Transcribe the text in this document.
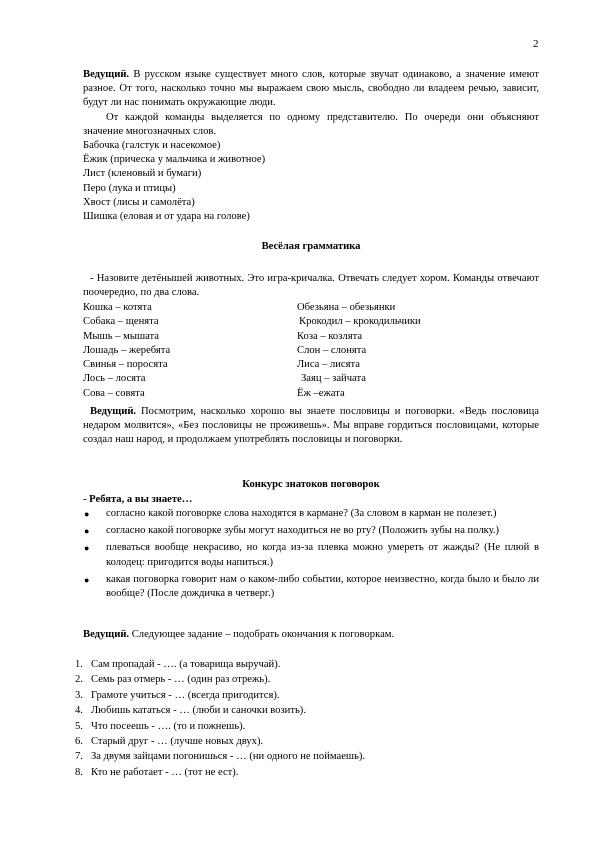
2

Ведущий. В русском языке существует много слов, которые звучат одинаково, а значение имеют разное. От того, насколько точно мы выражаем свою мысль, свободно ли владеем речью, зависит, будут ли нас понимать окружающие люди.

От каждой команды выделяется по одному представителю. По очереди они объясняют значение многозначных слов.

Бабочка (галстук и насекомое)

Ёжик (прическа у мальчика и животное)

Лист (кленовый и бумаги)

Перо (лука и птицы)

Хвост (лисы и самолёта)

Шишка (еловая и от удара на голове)

Весёлая грамматика
- Назовите детёнышей животных. Это игра-кричалка. Отвечать следует хором. Команды отвечают поочередно, по два слова.
Кошка – котята	Обезьяна – обезьянки
Собака – щенята	Крокодил – крокодильчики
Мышь – мышата	Коза – козлята
Лошадь – жеребята	Слон – слонята
Свинья – поросята	Лиса – лисята
Лось – лосята	Заяц – зайчата
Сова – совята	Ёж –ежата
Ведущий. Посмотрим, насколько хорошо вы знаете пословицы и поговорки. «Ведь пословица недаром молвится», «Без пословицы не проживешь». Мы вправе гордиться пословицами, которые создал наш народ, и продолжаем употреблять пословицы и поговорки.
Конкурс знатоков поговорок
- Ребята, а вы знаете…
● согласно какой поговорке слова находятся в кармане? (За словом в карман не полезет.)
● согласно какой поговорке зубы могут находиться не во рту? (Положить зубы на полку.)
● плеваться вообще некрасиво, но когда из-за плевка можно умереть от жажды? (Не плюй в колодец: пригодится воды напиться.)
● какая поговорка говорит нам о каком-либо событии, которое неизвестно, когда было и было ли вообще? (После дождичка в четверг.)
Ведущий. Следующее задание – подобрать окончания к поговоркам.
1. Сам пропадай - …. (а товарища выручай).
2. Семь раз отмерь - … (один раз отрежь).
3. Грамоте учиться - … (всегда пригодится).
4. Любишь кататься - … (люби и саночки возить).
5. Что посеешь - …. (то и пожнешь).
6. Старый друг - … (лучше новых двух).
7. За двумя зайцами погонишься - … (ни одного не поймаешь).
8. Кто не работает - … (тот не ест).
